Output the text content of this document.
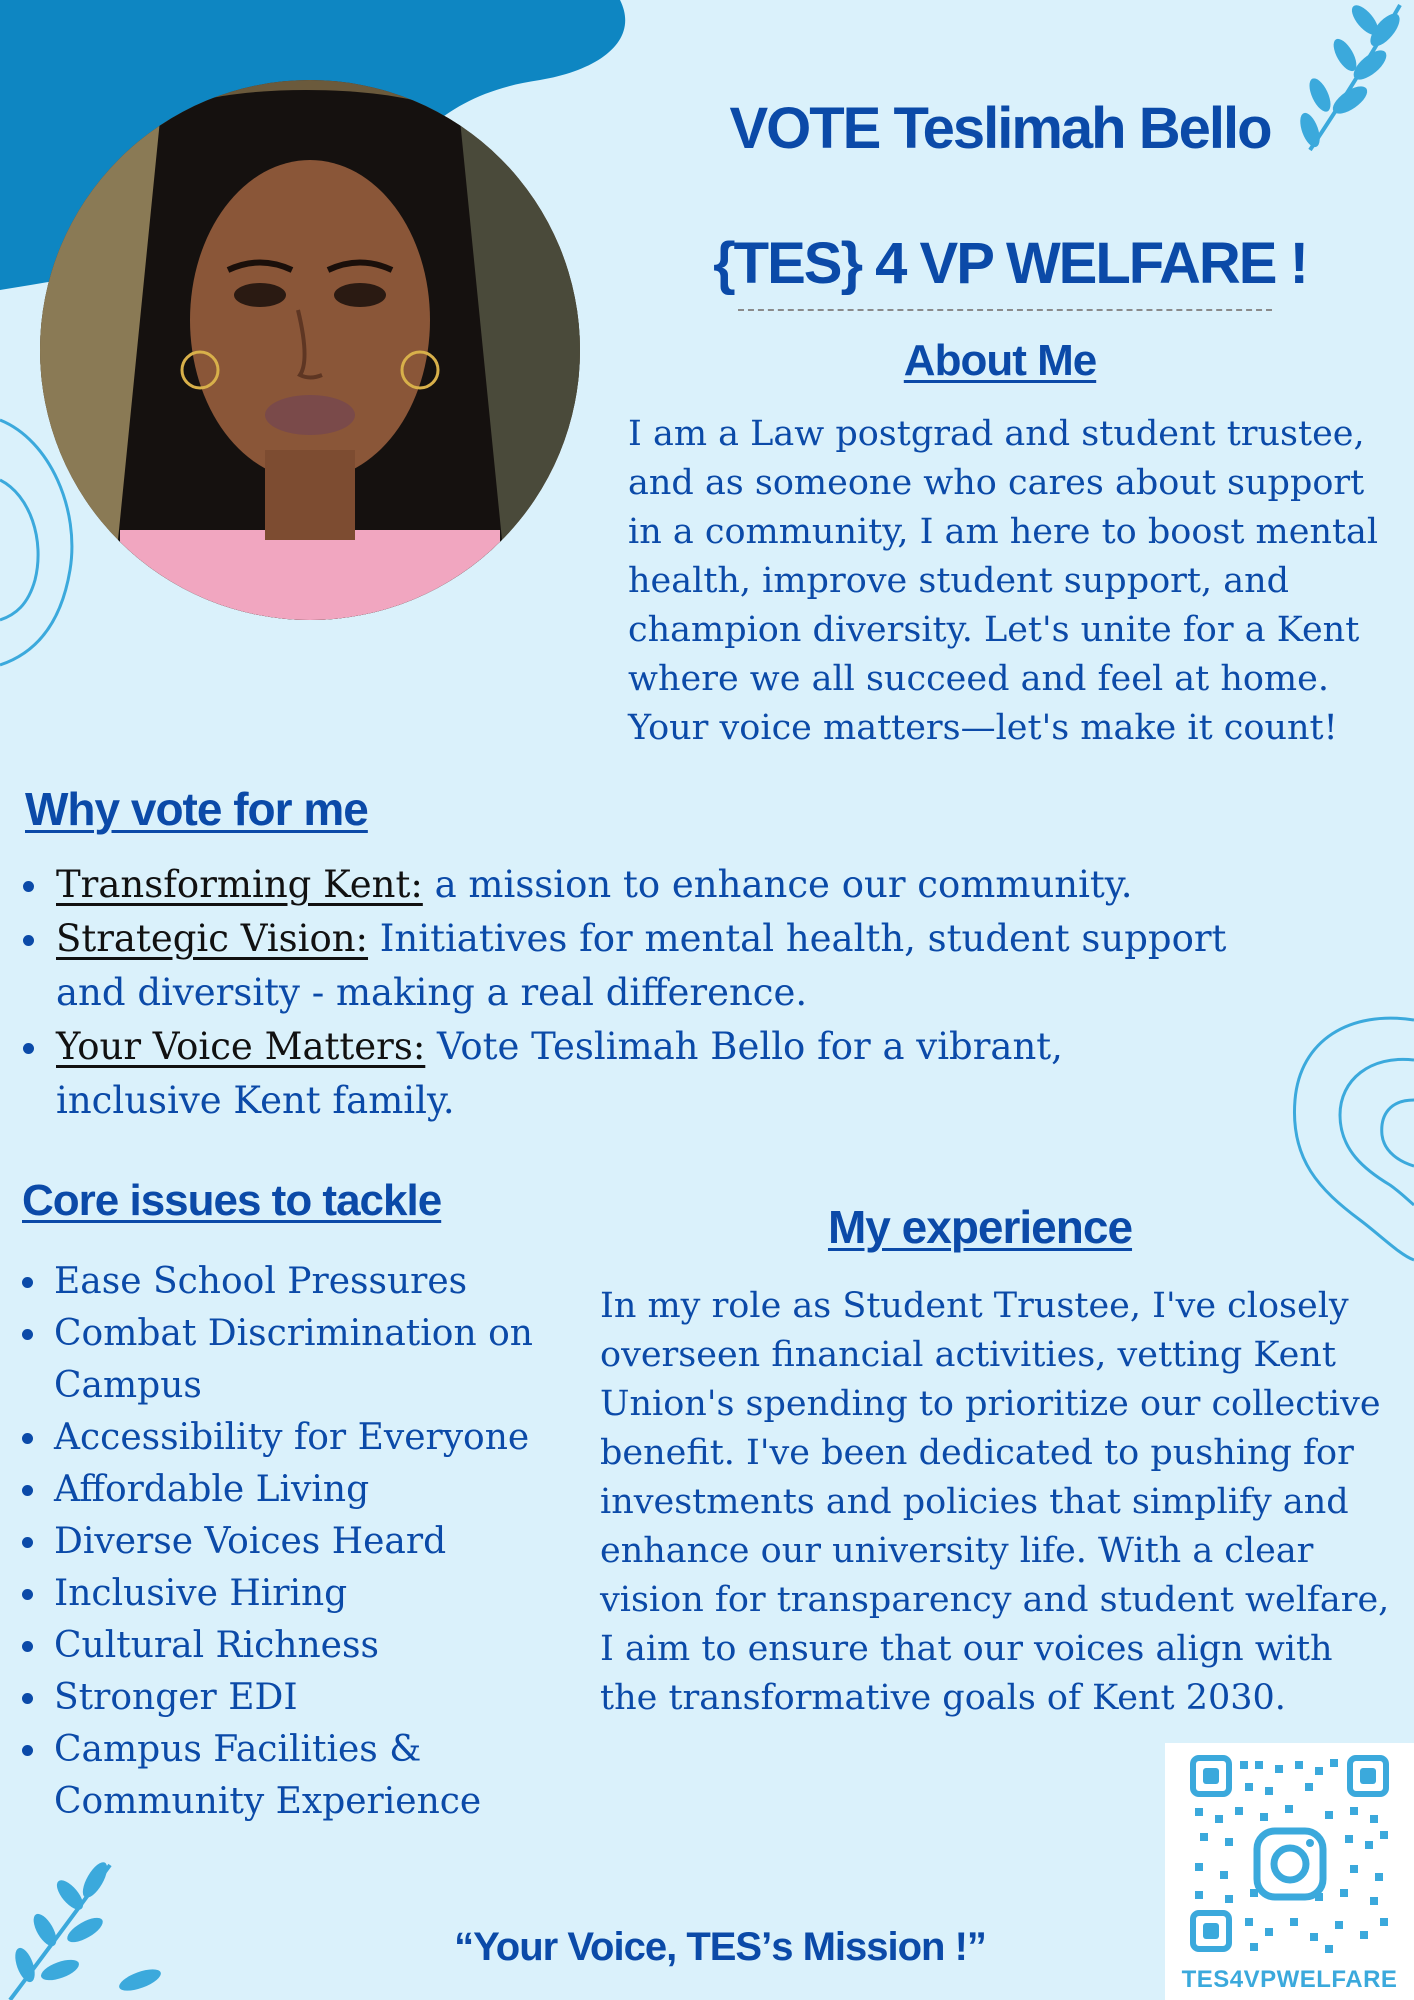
VOTE Teslimah Bello
{TES} 4 VP WELFARE !
About Me
I am a Law postgrad and student trustee, and as someone who cares about support in a community, I am here to boost mental health, improve student support, and champion diversity. Let's unite for a Kent where we all succeed and feel at home. Your voice matters—let's make it count!
Why vote for me
• Transforming Kent: a mission to enhance our community.
• Strategic Vision: Initiatives for mental health, student support and diversity - making a real difference.
• Your Voice Matters: Vote Teslimah Bello for a vibrant, inclusive Kent family.
Core issues to tackle
• Ease School Pressures
• Combat Discrimination on Campus
• Accessibility for Everyone
• Affordable Living
• Diverse Voices Heard
• Inclusive Hiring
• Cultural Richness
• Stronger EDI
• Campus Facilities & Community Experience
My experience
In my role as Student Trustee, I've closely overseen financial activities, vetting Kent Union's spending to prioritize our collective benefit. I've been dedicated to pushing for investments and policies that simplify and enhance our university life. With a clear vision for transparency and student welfare, I aim to ensure that our voices align with the transformative goals of Kent 2030.
“Your Voice, TESʼs Mission !”
TES4VPWELFARE
